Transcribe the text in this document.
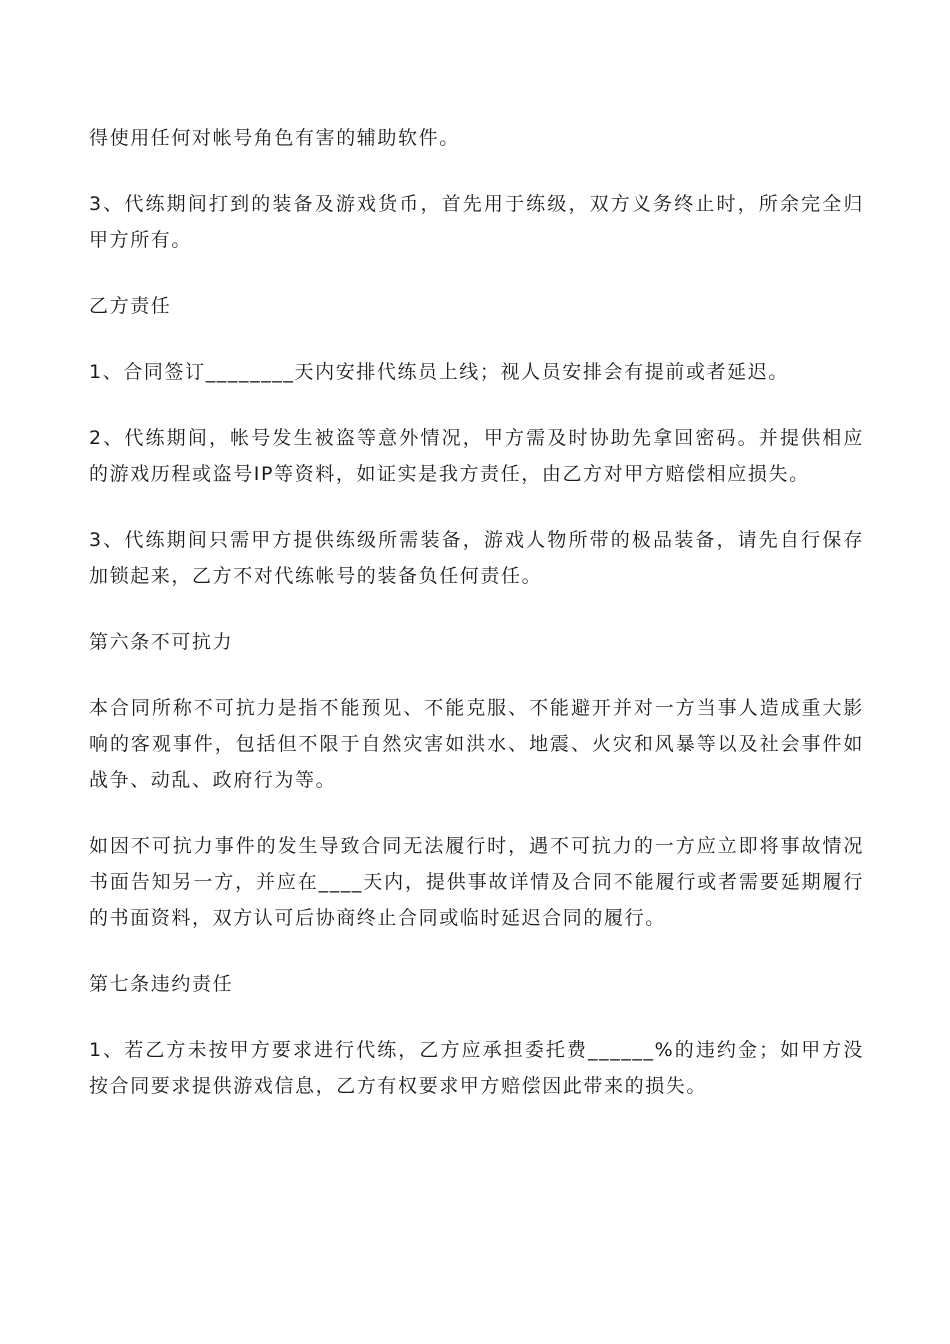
得使用任何对帐号角色有害的辅助软件。

3、代练期间打到的装备及游戏货币，首先用于练级，双方义务终止时，所余完全归甲方所有。

乙方责任

1、合同签订________天内安排代练员上线；视人员安排会有提前或者延迟。

2、代练期间，帐号发生被盗等意外情况，甲方需及时协助先拿回密码。并提供相应的游戏历程或盗号IP等资料，如证实是我方责任，由乙方对甲方赔偿相应损失。

3、代练期间只需甲方提供练级所需装备，游戏人物所带的极品装备，请先自行保存加锁起来，乙方不对代练帐号的装备负任何责任。

第六条不可抗力

本合同所称不可抗力是指不能预见、不能克服、不能避开并对一方当事人造成重大影响的客观事件，包括但不限于自然灾害如洪水、地震、火灾和风暴等以及社会事件如战争、动乱、政府行为等。

如因不可抗力事件的发生导致合同无法履行时，遇不可抗力的一方应立即将事故情况书面告知另一方，并应在____天内，提供事故详情及合同不能履行或者需要延期履行的书面资料，双方认可后协商终止合同或临时延迟合同的履行。

第七条违约责任

1、若乙方未按甲方要求进行代练，乙方应承担委托费______%的违约金；如甲方没按合同要求提供游戏信息，乙方有权要求甲方赔偿因此带来的损失。
